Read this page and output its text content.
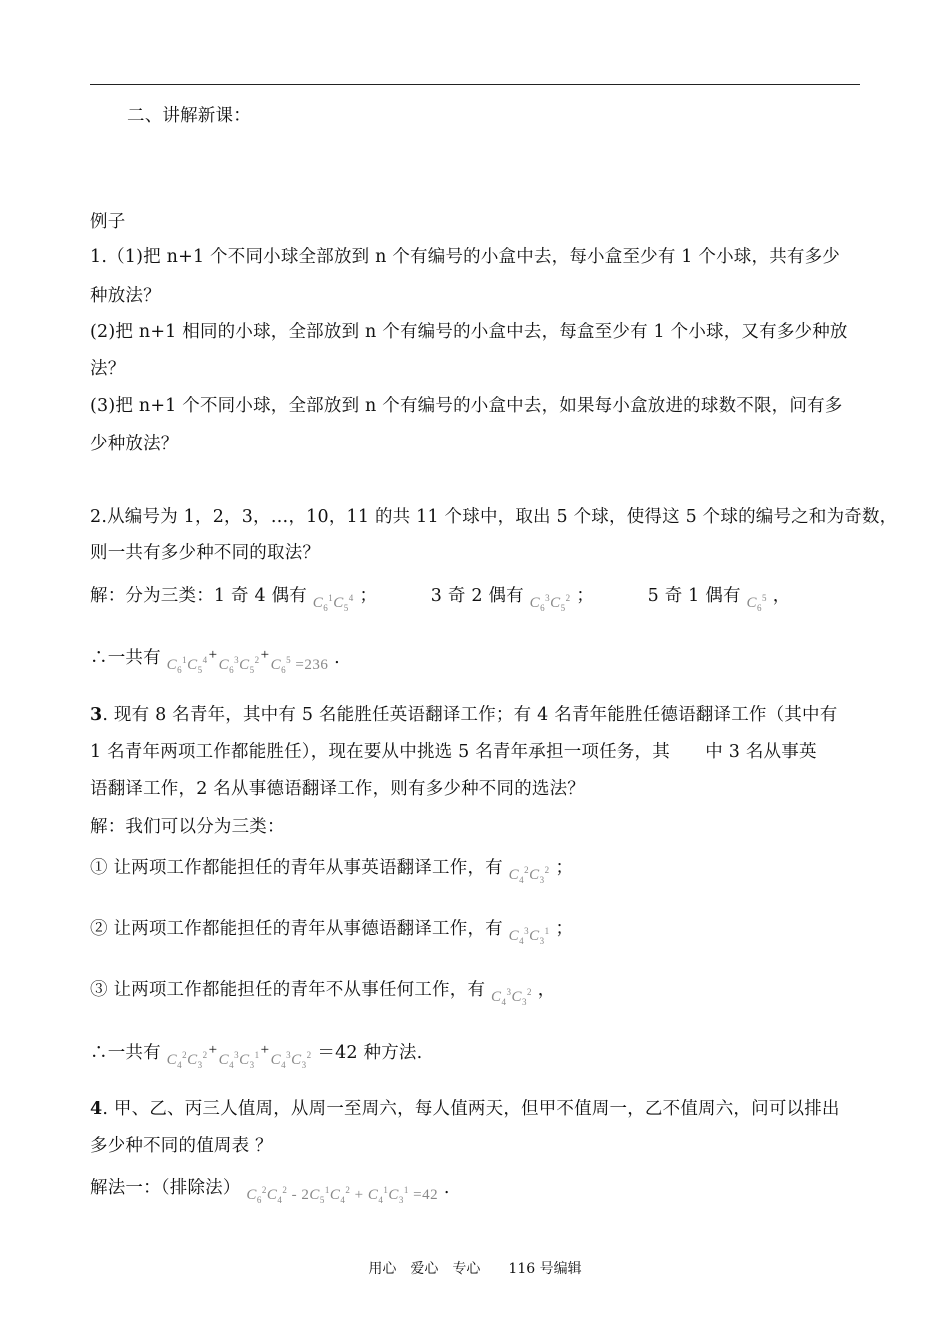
二、讲解新课：
例子
1.（1)把 n+1 个不同小球全部放到 n 个有编号的小盒中去，每小盒至少有 1 个小球，共有多少
种放法？
(2)把 n+1 相同的小球，全部放到 n 个有编号的小盒中去，每盒至少有 1 个小球，又有多少种放
法？
(3)把 n+1 个不同小球，全部放到 n 个有编号的小盒中去，如果每小盒放进的球数不限，问有多
少种放法？
2.从编号为 1，2，3，…，10，11 的共 11 个球中，取出 5 个球，使得这 5 个球的编号之和为奇数，
则一共有多少种不同的取法？
解：分为三类：1 奇 4 偶有 $C_6^1C_5^4$ ；	3 奇 2 偶有 $C_6^3C_5^2$ ；	5 奇 1 偶有 $C_6^5$ ，
∴一共有 $C_6^1C_5^4+C_6^3C_5^2+C_6^5 =236$ .
3. 现有 8 名青年，其中有 5 名能胜任英语翻译工作；有 4 名青年能胜任德语翻译工作（其中有
1 名青年两项工作都能胜任），现在要从中挑选 5 名青年承担一项任务，其　　中 3 名从事英
语翻译工作，2 名从事德语翻译工作，则有多少种不同的选法？
解：我们可以分为三类：
① 让两项工作都能担任的青年从事英语翻译工作，有 $C_4^2C_3^2$ ；
② 让两项工作都能担任的青年从事德语翻译工作，有 $C_4^3C_3^1$ ；
③ 让两项工作都能担任的青年不从事任何工作，有 $C_4^3C_3^2$ ，
∴一共有 $C_4^2C_3^2+C_4^3C_3^1+C_4^3C_3^2 =42$ 种方法.
4. 甲、乙、丙三人值周，从周一至周六，每人值两天，但甲不值周一，乙不值周六，问可以排出
多少种不同的值周表 ？
解法一：（排除法） $C_6^2C_4^2 - 2C_5^1C_4^2 + C_4^1C_3^1 =42$ .
用心　爱心　专心　　116 号编辑
